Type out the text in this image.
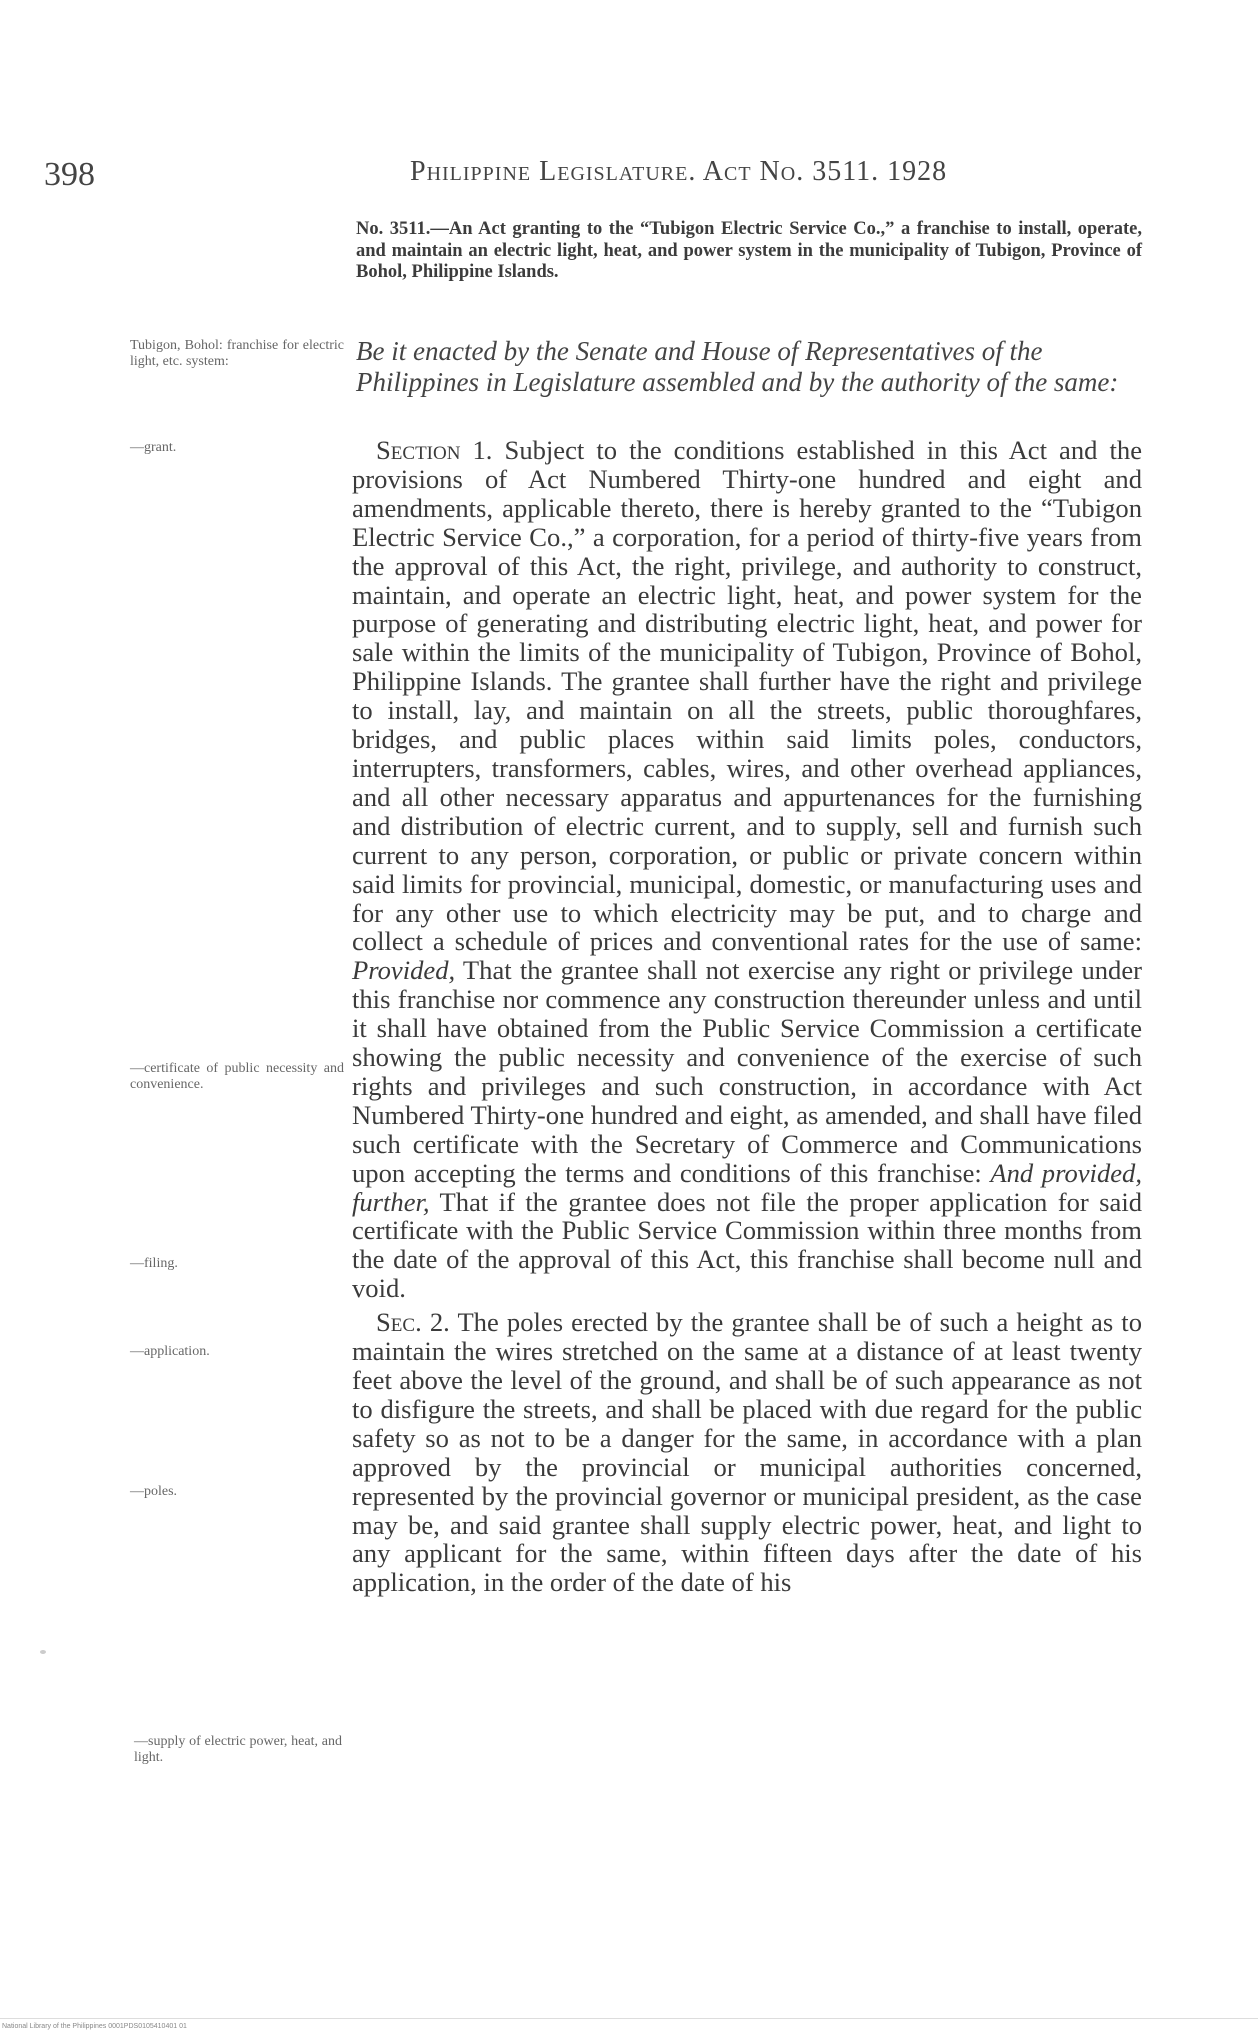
398	Philippine Legislature. Act No. 3511. 1928
No. 3511.—An Act granting to the “Tubigon Electric Service Co.,” a franchise to install, operate, and maintain an electric light, heat, and power system in the municipality of Tubigon, Province of Bohol, Philippine Islands.
Tubigon, Bohol: franchise for electric light, etc. system:	Be it enacted by the Senate and House of Representatives of the Philippines in Legislature assembled and by the authority of the same:
—grant.
—certificate of public necessity and convenience.
—filing.
—application.
—poles.
—supply of electric power, heat, and light.

Section 1. Subject to the conditions established in this Act and the provisions of Act Numbered Thirty-one hundred and eight and amendments, applicable thereto, there is hereby granted to the “Tubigon Electric Service Co.,” a corporation, for a period of thirty-five years from the approval of this Act, the right, privilege, and authority to construct, maintain, and operate an electric light, heat, and power system for the purpose of generating and distributing electric light, heat, and power for sale within the limits of the municipality of Tubigon, Province of Bohol, Philippine Islands. The grantee shall further have the right and privilege to install, lay, and maintain on all the streets, public thoroughfares, bridges, and public places within said limits poles, conductors, interrupters, transformers, cables, wires, and other overhead appliances, and all other necessary apparatus and appurtenances for the furnishing and distribution of electric current, and to supply, sell and furnish such current to any person, corporation, or public or private concern within said limits for provincial, municipal, domestic, or manufacturing uses and for any other use to which electricity may be put, and to charge and collect a schedule of prices and conventional rates for the use of same: Provided, That the grantee shall not exercise any right or privilege under this franchise nor commence any construction thereunder unless and until it shall have obtained from the Public Service Commission a certificate showing the public necessity and convenience of the exercise of such rights and privileges and such construction, in accordance with Act Numbered Thirty-one hundred and eight, as amended, and shall have filed such certificate with the Secretary of Commerce and Communications upon accepting the terms and conditions of this franchise: And provided, further, That if the grantee does not file the proper application for said certificate with the Public Service Commission within three months from the date of the approval of this Act, this franchise shall become null and void.

Sec. 2. The poles erected by the grantee shall be of such a height as to maintain the wires stretched on the same at a distance of at least twenty feet above the level of the ground, and shall be of such appearance as not to disfigure the streets, and shall be placed with due regard for the public safety so as not to be a danger for the same, in accordance with a plan approved by the provincial or municipal authorities concerned, represented by the provincial governor or municipal president, as the case may be, and said grantee shall supply electric power, heat, and light to any applicant for the same, within fifteen days after the date of his application, in the order of the date of his

National Library of the Philippines 0001PDS0105410401 01
